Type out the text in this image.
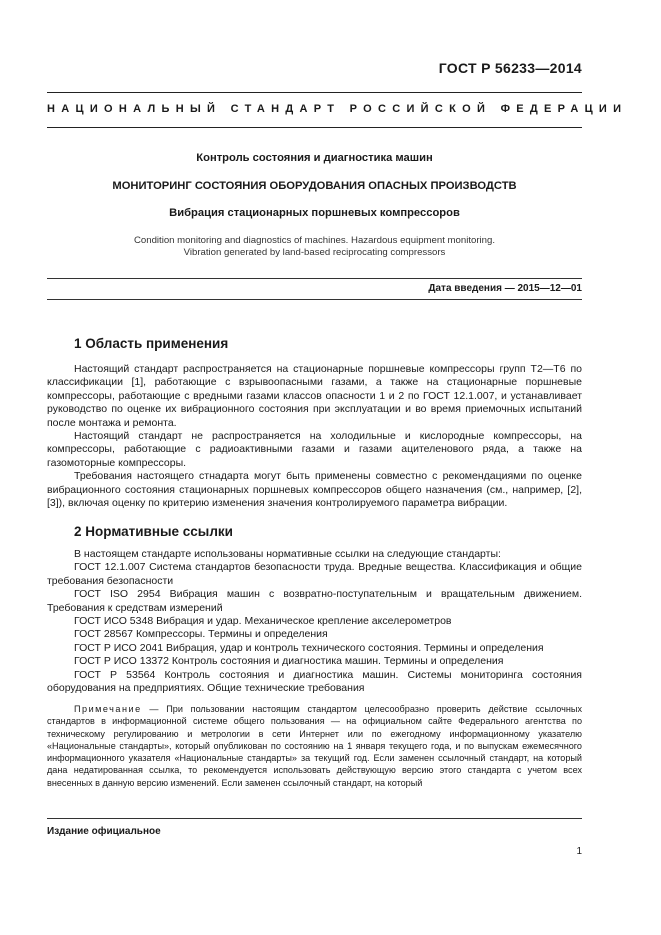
ГОСТ Р 56233—2014
НАЦИОНАЛЬНЫЙ СТАНДАРТ РОССИЙСКОЙ ФЕДЕРАЦИИ
Контроль состояния и диагностика машин
МОНИТОРИНГ СОСТОЯНИЯ ОБОРУДОВАНИЯ ОПАСНЫХ ПРОИЗВОДСТВ
Вибрация стационарных поршневых компрессоров
Condition monitoring and diagnostics of machines. Hazardous equipment monitoring.
Vibration generated by land-based reciprocating compressors
Дата введения — 2015—12—01
1 Область применения

Настоящий стандарт распространяется на стационарные поршневые компрессоры групп Т2—Т6 по классификации [1], работающие с взрывоопасными газами, а также на стационарные поршневые компрессоры, работающие с вредными газами классов опасности 1 и 2 по ГОСТ 12.1.007, и устанавливает руководство по оценке их вибрационного состояния при эксплуатации и во время приемочных испытаний после монтажа и ремонта.

Настоящий стандарт не распространяется на холодильные и кислородные компрессоры, на компрессоры, работающие с радиоактивными газами и газами ацителенового ряда, а также на газомоторные компрессоры.

Требования настоящего стнадарта могут быть применены совместно с рекомендациями по оценке вибрационного состояния стационарных поршневых компрессоров общего назначения (см., например, [2], [3]), включая оценку по критерию изменения значения контролируемого параметра вибрации.

2 Нормативные ссылки

В настоящем стандарте использованы нормативные ссылки на следующие стандарты:

ГОСТ 12.1.007 Система стандартов безопасности труда. Вредные вещества. Классификация и общие требования безопасности

ГОСТ ISO 2954 Вибрация машин с возвратно-поступательным и вращательным движением. Требования к средствам измерений

ГОСТ ИСО 5348 Вибрация и удар. Механическое крепление акселерометров

ГОСТ 28567 Компрессоры. Термины и определения

ГОСТ Р ИСО 2041 Вибрация, удар и контроль технического состояния. Термины и определения

ГОСТ Р ИСО 13372 Контроль состояния и диагностика машин. Термины и определения

ГОСТ Р 53564 Контроль состояния и диагностика машин. Системы мониторинга состояния оборудования на предприятиях. Общие технические требования

Примечание — При пользовании настоящим стандартом целесообразно проверить действие ссылочных стандартов в информационной системе общего пользования — на официальном сайте Федерального агентства по техническому регулированию и метрологии в сети Интернет или по ежегодному информационному указателю «Национальные стандарты», который опубликован по состоянию на 1 января текущего года, и по выпускам ежемесячного информационного указателя «Национальные стандарты» за текущий год. Если заменен ссылочный стандарт, на который дана недатированная ссылка, то рекомендуется использовать действующую версию этого стандарта с учетом всех внесенных в данную версию изменений. Если заменен ссылочный стандарт, на который
Издание официальное
1
